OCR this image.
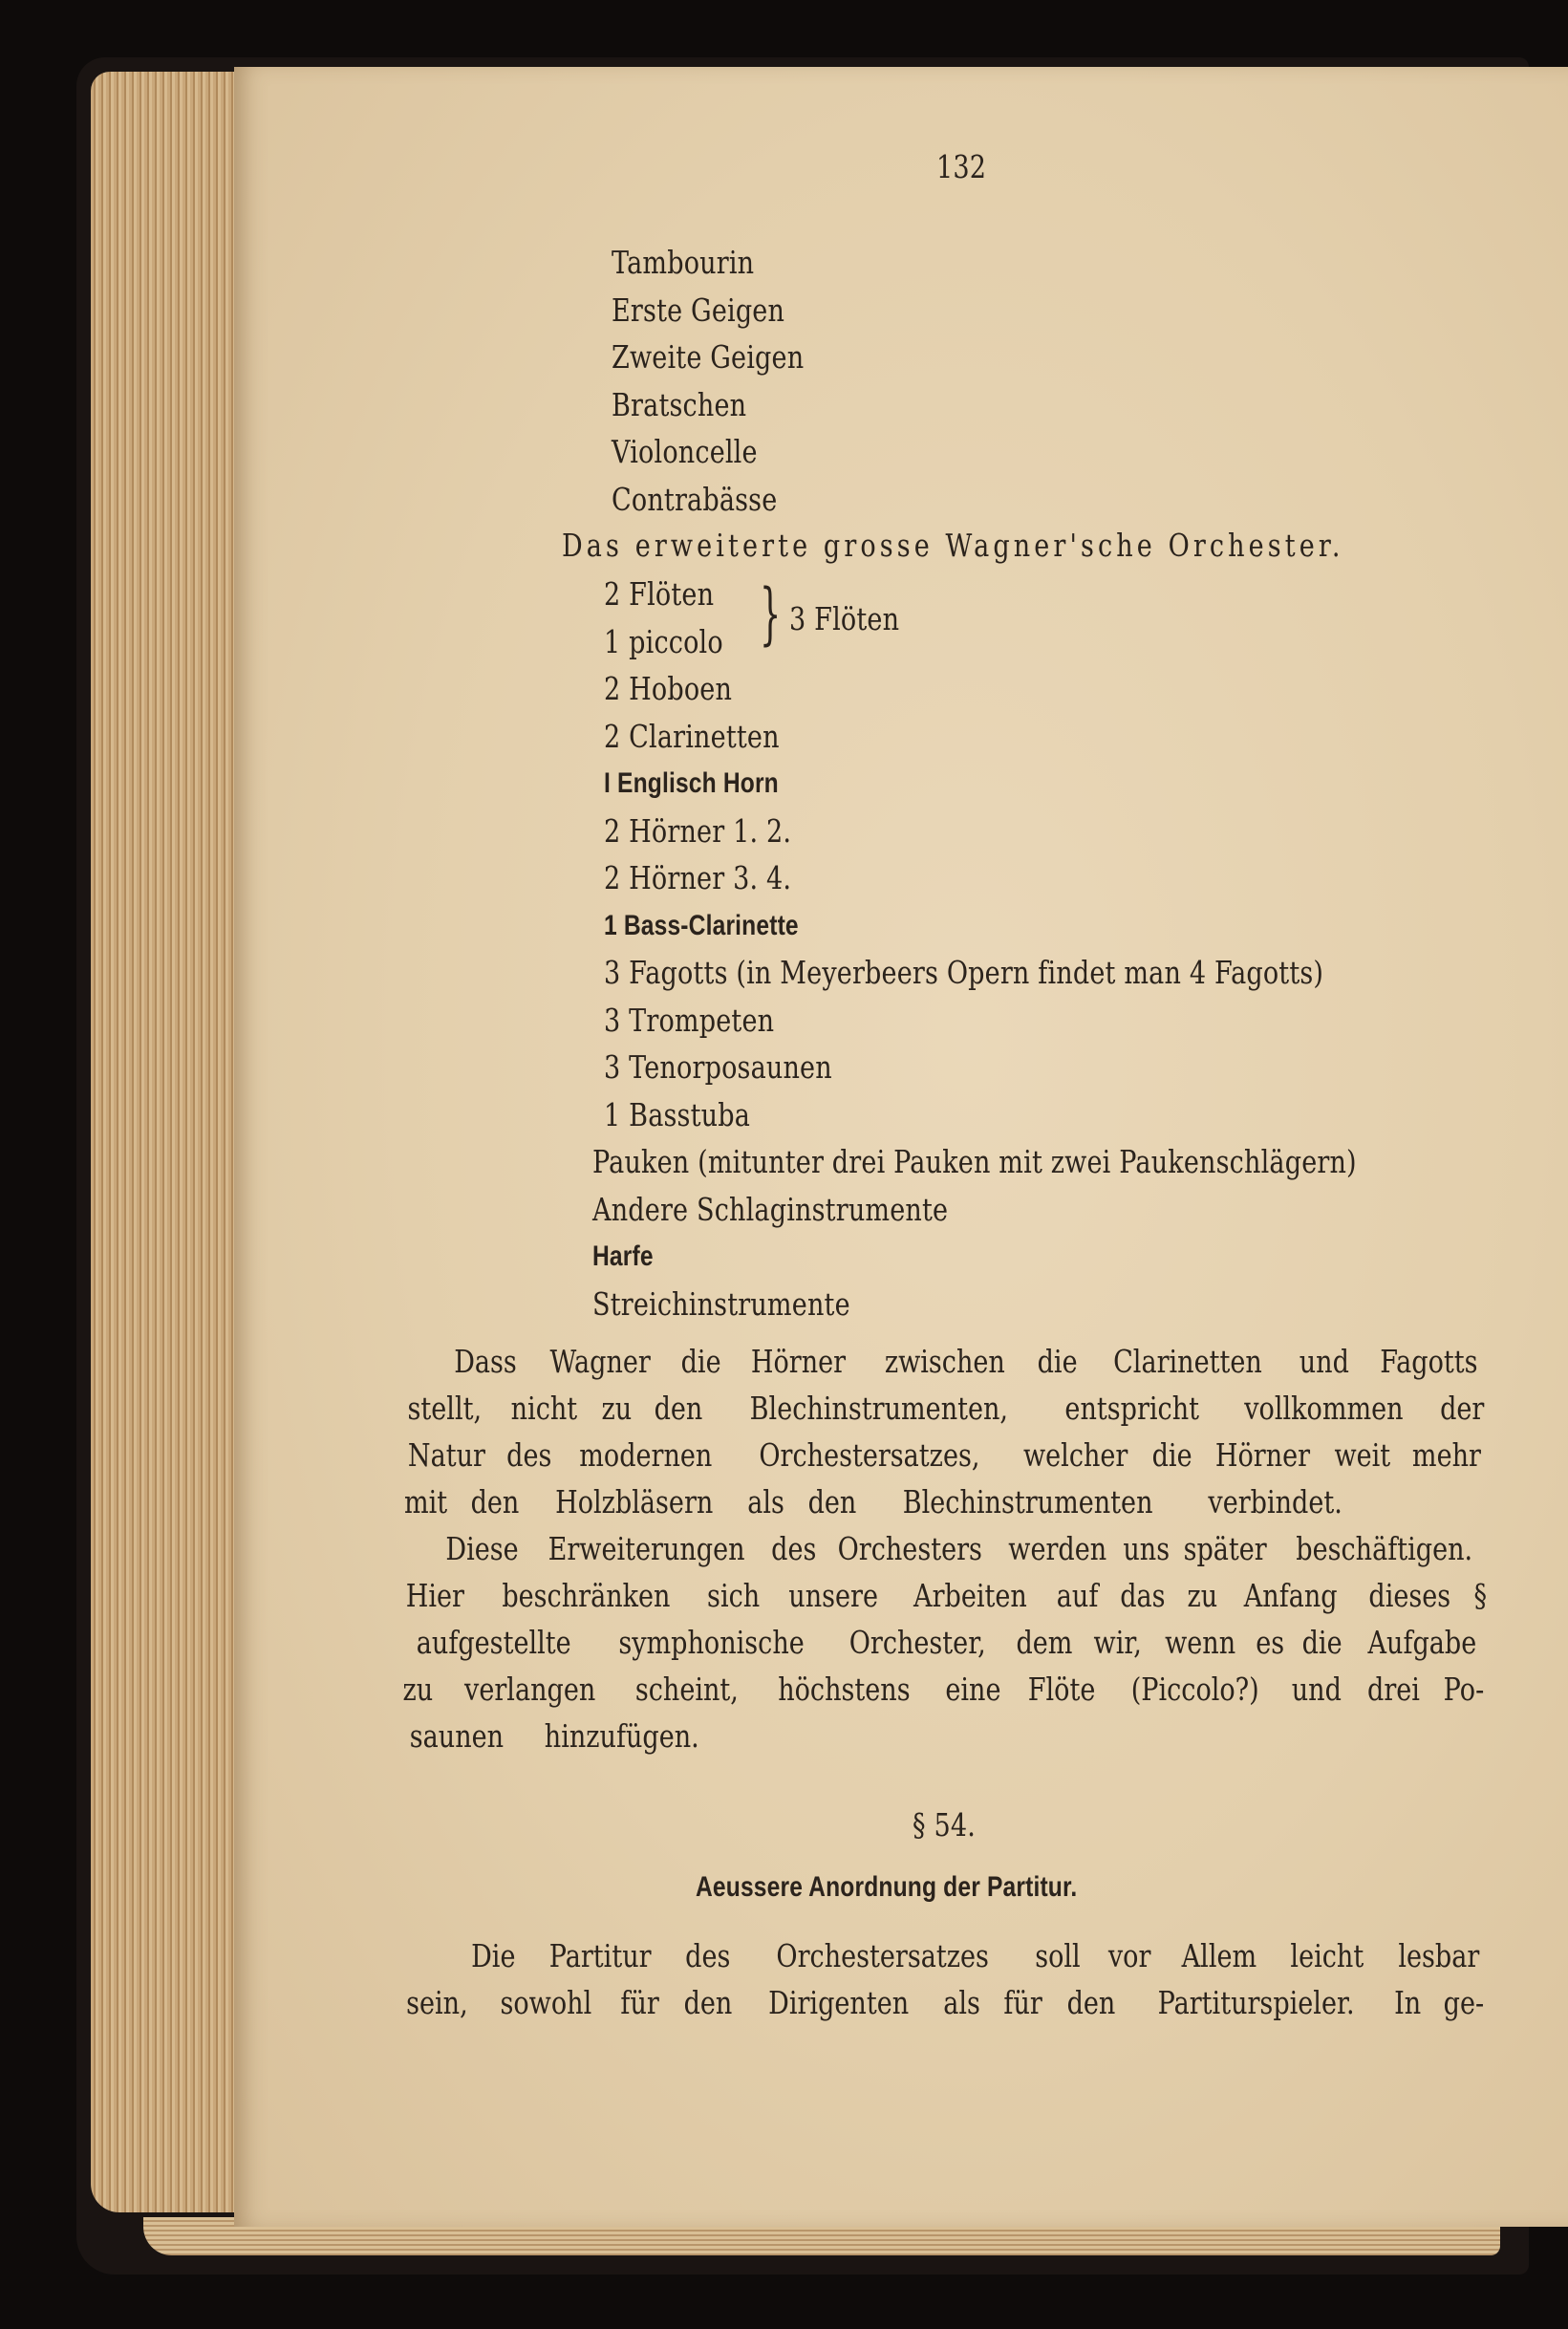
132
Tambourin
Erste Geigen
Zweite Geigen
Bratschen
Violoncelle
Contrabässe
Das erweiterte grosse Wagner'sche Orchester.
2 Flöten
1 piccolo
2 Hoboen
2 Clarinetten
I Englisch Horn
2 Hörner 1. 2.
2 Hörner 3. 4.
1 Bass-Clarinette
3 Fagotts (in Meyerbeers Opern findet man 4 Fagotts)
3 Trompeten
3 Tenorposaunen
1 Basstuba
Pauken (mitunter drei Pauken mit zwei Paukenschlägern)
Andere Schlaginstrumente
Harfe
Streichinstrumente
} 3 Flöten
Dass Wagner die Hörner zwischen die Clarinetten und Fagotts
stellt, nicht zu den Blechinstrumenten, entspricht vollkommen der
Natur des modernen Orchestersatzes, welcher die Hörner weit mehr
mit den Holzbläsern als den Blechinstrumenten verbindet.
Diese Erweiterungen des Orchesters werden uns später beschäftigen.
Hier beschränken sich unsere Arbeiten auf das zu Anfang dieses §
aufgestellte symphonische Orchester, dem wir, wenn es die Aufgabe
zu verlangen scheint, höchstens eine Flöte (Piccolo?) und drei Po-
saunen hinzufügen.
§ 54.
Aeussere Anordnung der Partitur.
Die Partitur des Orchestersatzes soll vor Allem leicht lesbar
sein, sowohl für den Dirigenten als für den Partiturspieler. In ge-
